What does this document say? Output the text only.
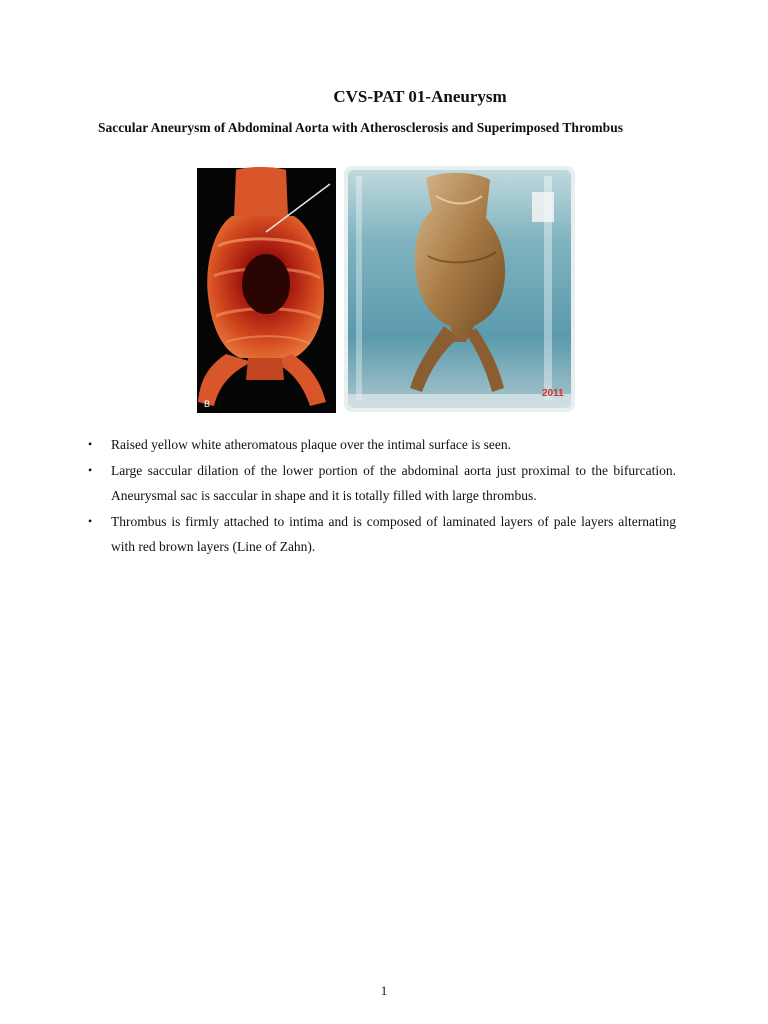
CVS-PAT 01-Aneurysm

Saccular Aneurysm of Abdominal Aorta with Atherosclerosis and Superimposed Thrombus

B
2011
•	Raised yellow white atheromatous plaque over the intimal surface is seen.
•	Large saccular dilation of the lower portion of the abdominal aorta just proximal to the bifurcation. Aneurysmal sac is saccular in shape and it is totally filled with large thrombus.
•	Thrombus is firmly attached to intima and is composed of laminated layers of pale layers alternating with red brown layers (Line of Zahn).
1
